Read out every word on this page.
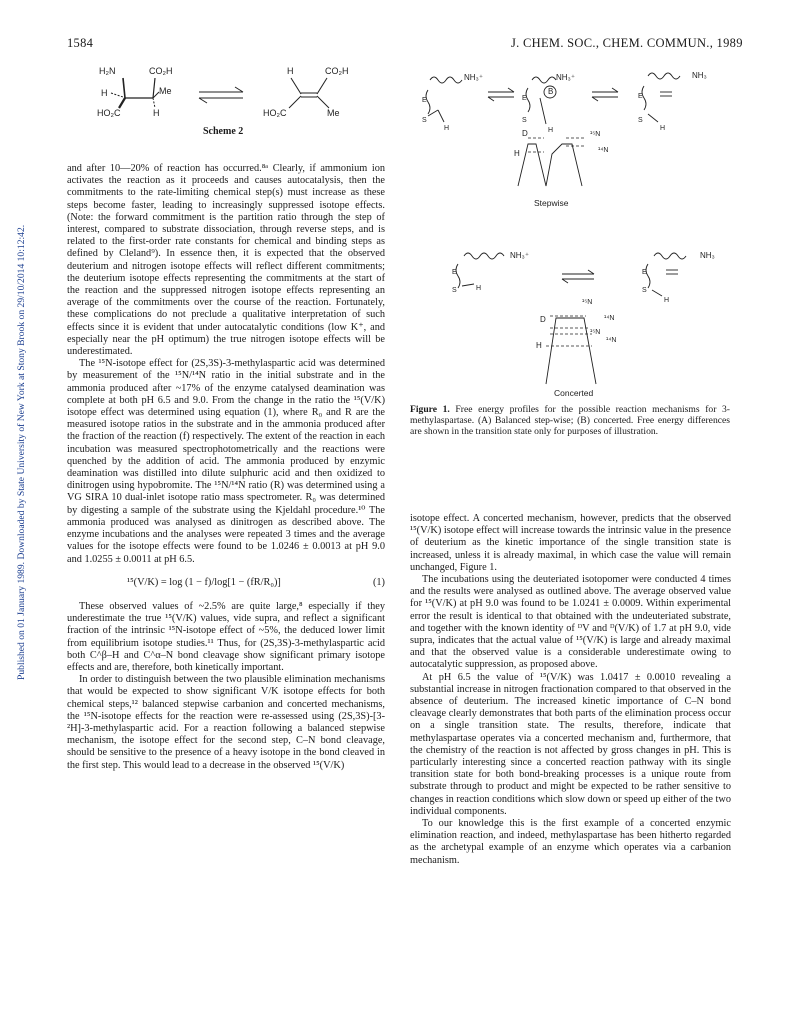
1584	J. CHEM. SOC., CHEM. COMMUN., 1989
Published on 01 January 1989. Downloaded by State University of New York at Stony Brook on 29/10/2014 10:12:42.
H₂N	CO₂H
H	Me
HO₂C	H
H	CO₂H
HO₂C	Me
Scheme 2

and after 10—20% of reaction has occurred.⁸ᵃ Clearly, if ammonium ion activates the reaction as it proceeds and causes autocatalysis, then the commitments to the rate-limiting chemical step(s) must increase as these steps become faster, leading to increasingly suppressed isotope effects. (Note: the forward commitment is the partition ratio through the step of interest, compared to substrate dissociation, through reverse steps, and is related to the first-order rate constants for chemical and binding steps as defined by Cleland⁹). In essence then, it is expected that the observed deuterium and nitrogen isotope effects will reflect different commitments; the deuterium isotope effects representing the commitments at the start of the reaction and the suppressed nitrogen isotope effects representing an average of the commitments over the course of the reaction. Fortunately, these complications do not preclude a qualitative interpretation of such effects since it is evident that under autocatalytic conditions (low K⁺, and especially near the pH optimum) the true nitrogen isotope effects will be underestimated.

The ¹⁵N-isotope effect for (2S,3S)-3-methylaspartic acid was determined by measurement of the ¹⁵N/¹⁴N ratio in the initial substrate and in the ammonia produced after ~17% of the enzyme catalysed deamination was complete at both pH 6.5 and 9.0. From the change in the ratio the ¹⁵(V/K) isotope effect was determined using equation (1), where R₀ and R are the measured isotope ratios in the substrate and in the ammonia produced after the fraction of the reaction (f) respectively. The extent of the reaction in each incubation was measured spectrophotometrically and the reactions were quenched by the addition of acid. The ammonia produced by enzymic deamination was distilled into dilute sulphuric acid and then oxidized to dinitrogen using hypobromite. The ¹⁵N/¹⁴N ratio (R) was determined using a VG SIRA 10 dual-inlet isotope ratio mass spectrometer. R₀ was determined by digesting a sample of the substrate using the Kjeldahl procedure.¹⁰ The ammonia produced was analysed as dinitrogen as described above. The enzyme incubations and the analyses were repeated 3 times and the average values for the isotope effects were found to be 1.0246 ± 0.0013 at pH 9.0 and 1.0255 ± 0.0011 at pH 6.5.

¹⁵(V/K) = log (1 − f)/log[1 − (fR/R₀)]	(1)

These observed values of ~2.5% are quite large,⁸ especially if they underestimate the true ¹⁵(V/K) values, vide supra, and reflect a significant fraction of the intrinsic ¹⁵N-isotope effect of ~5%, the deduced lower limit from equilibrium isotope studies.¹¹ Thus, for (2S,3S)-3-methylaspartic acid both C^β–H and C^α–N bond cleavage show significant primary isotope effects and are, therefore, both kinetically important.

In order to distinguish between the two plausible elimination mechanisms that would be expected to show significant V/K isotope effects for both chemical steps,¹² balanced stepwise carbanion and concerted mechanisms, the ¹⁵N-isotope effects for the reaction were re-assessed using (2S,3S)-[3-²H]-3-methylaspartic acid. For a reaction following a balanced stepwise mechanism, the isotope effect for the second step, C–N bond cleavage, should be sensitive to the presence of a heavy isotope in the bond cleaved in the first step. This would lead to a decrease in the observed ¹⁵(V/K)

NH₃⁺
E
S
H
NH₃⁺
E
S
B
H
NH₃
E
S
H
D
H
¹⁵N
¹⁴N
Stepwise
NH₃⁺
E
S	H
NH₃
E
S
H
¹⁵N
¹⁴N
D
¹⁵N
¹⁴N
H
Concerted
Figure 1. Free energy profiles for the possible reaction mechanisms for 3-methylaspartase. (A) Balanced step-wise; (B) concerted. Free energy differences are shown in the transition state only for purposes of illustration.

isotope effect. A concerted mechanism, however, predicts that the observed ¹⁵(V/K) isotope effect will increase towards the intrinsic value in the presence of deuterium as the kinetic importance of the single transition state is increased, unless it is already maximal, in which case the value will remain unchanged, Figure 1.

The incubations using the deuteriated isotopomer were conducted 4 times and the results were analysed as outlined above. The average observed value for ¹⁵(V/K) at pH 9.0 was found to be 1.0241 ± 0.0009. Within experimental error the result is identical to that obtained with the undeuteriated substrate, and together with the known identity of ᴰV and ᴰ(V/K) of 1.7 at pH 9.0, vide supra, indicates that the actual value of ¹⁵(V/K) is large and already maximal and that the observed value is a considerable underestimate owing to autocatalytic suppression, as proposed above.

At pH 6.5 the value of ¹⁵(V/K) was 1.0417 ± 0.0010 revealing a substantial increase in nitrogen fractionation compared to that observed in the absence of deuterium. The increased kinetic importance of C–N bond cleavage clearly demonstrates that both parts of the elimination process occur on a single transition state. The results, therefore, indicate that methylaspartase operates via a concerted mechanism and, furthermore, that the chemistry of the reaction is not affected by gross changes in pH. This is particularly interesting since a concerted reaction pathway with its single transition state for both bond-breaking processes is a unique route from substrate through to product and might be expected to be rather sensitive to changes in reaction conditions which slow down or speed up either of the two individual components.

To our knowledge this is the first example of a concerted enzymic elimination reaction, and indeed, methylaspartase has been hitherto regarded as the archetypal example of an enzyme which operates via a carbanion mechanism.
